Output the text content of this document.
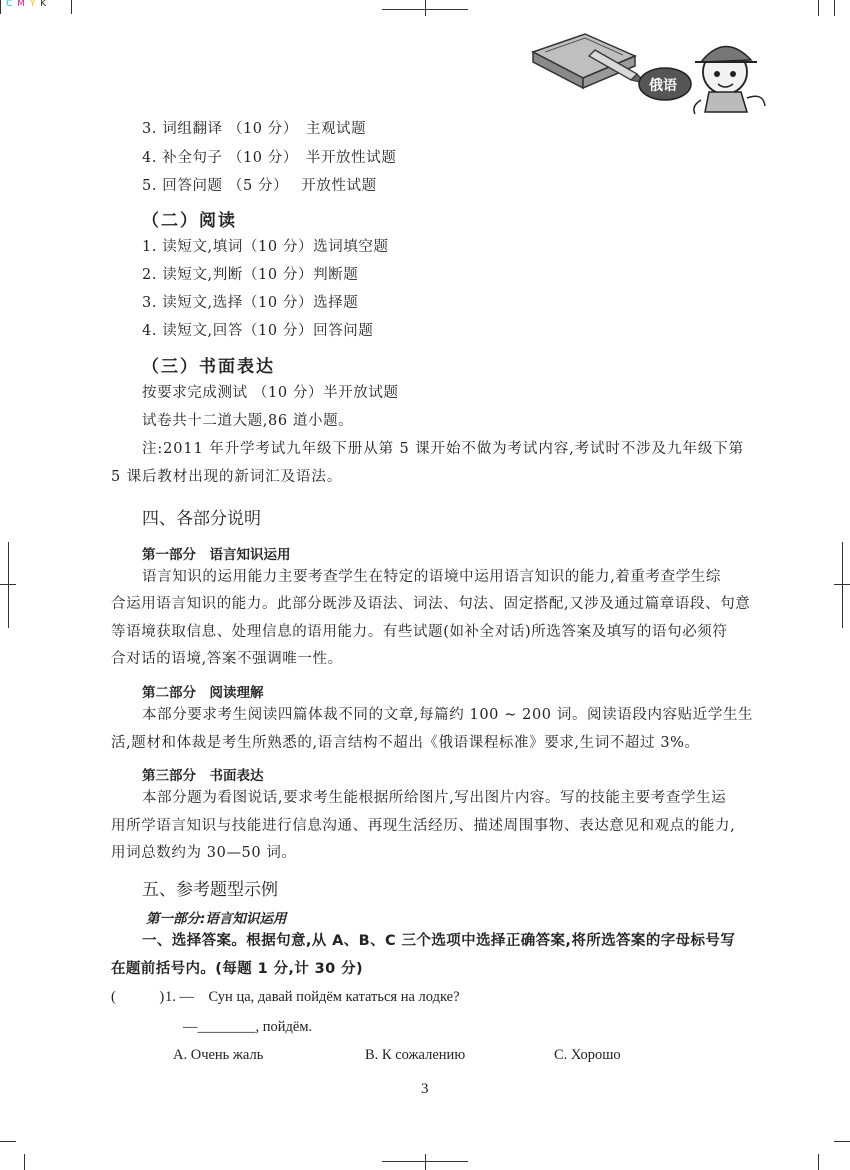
C M Y K
俄语
3. 词组翻译 （10 分）　主观试题
4. 补全句子 （10 分）　半开放性试题
5. 回答问题 （5 分）　 开放性试题
（二）阅读
1. 读短文,填词（10 分）选词填空题
2. 读短文,判断（10 分）判断题
3. 读短文,选择（10 分）选择题
4. 读短文,回答（10 分）回答问题
（三）书面表达
按要求完成测试 （10 分）半开放试题
试卷共十二道大题,86 道小题。
注:2011 年升学考试九年级下册从第 5 课开始不做为考试内容,考试时不涉及九年级下第
5 课后教材出现的新词汇及语法。
四、各部分说明
第一部分　语言知识运用
语言知识的运用能力主要考查学生在特定的语境中运用语言知识的能力,着重考查学生综
合运用语言知识的能力。此部分既涉及语法、词法、句法、固定搭配,又涉及通过篇章语段、句意
等语境获取信息、处理信息的语用能力。有些试题(如补全对话)所选答案及填写的语句必须符
合对话的语境,答案不强调唯一性。
第二部分　阅读理解
本部分要求考生阅读四篇体裁不同的文章,每篇约 100 ~ 200 词。阅读语段内容贴近学生生
活,题材和体裁是考生所熟悉的,语言结构不超出《俄语课程标准》要求,生词不超过 3%。
第三部分　书面表达
本部分题为看图说话,要求考生能根据所给图片,写出图片内容。写的技能主要考查学生运
用所学语言知识与技能进行信息沟通、再现生活经历、描述周围事物、表达意见和观点的能力,
用词总数约为 30—50 词。
五、参考题型示例
第一部分:语言知识运用
一、选择答案。根据句意,从 A、B、C 三个选项中选择正确答案,将所选答案的字母标号写
在题前括号内。(每题 1 分,计 30 分)
(　　　) 1. —　Сун ца, давай пойдём кататься на лодке?
—________, пойдём.
A. Очень жаль	B. К сожалению	C. Хорошо
3
